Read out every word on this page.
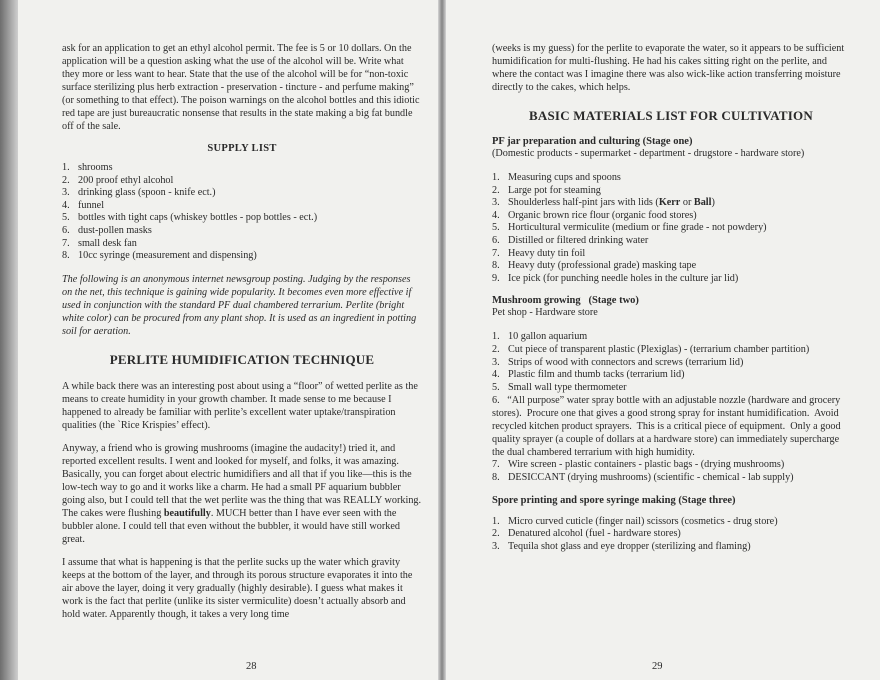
ask for an application to get an ethyl alcohol permit. The fee is 5 or 10 dollars. On the application will be a question asking what the use of the alcohol will be. Write what they more or less want to hear. State that the use of the alcohol will be for “non-toxic surface sterilizing plus herb extraction - preservation - tincture - and perfume making” (or something to that effect). The poison warnings on the alcohol bottles and this idiotic red tape are just bureaucratic nonsense that results in the state making a big fat bundle off of the sale.

SUPPLY LIST
1. shrooms
2. 200 proof ethyl alcohol
3. drinking glass (spoon - knife ect.)
4. funnel
5. bottles with tight caps (whiskey bottles - pop bottles - ect.)
6. dust-pollen masks
7. small desk fan
8. 10cc syringe (measurement and dispensing)

The following is an anonymous internet newsgroup posting. Judging by the responses on the net, this technique is gaining wide popularity. It becomes even more effective if used in conjunction with the standard PF dual chambered terrarium. Perlite (bright white color) can be procured from any plant shop. It is used as an ingredient in potting soil for aeration.

PERLITE HUMIDIFICATION TECHNIQUE

A while back there was an interesting post about using a “floor” of wetted perlite as the means to create humidity in your growth chamber. It made sense to me because I happened to already be familiar with perlite’s excellent water uptake/transpiration qualities (the `Rice Krispies’ effect).

Anyway, a friend who is growing mushrooms (imagine the audacity!) tried it, and reported excellent results. I went and looked for myself, and folks, it was amazing. Basically, you can forget about electric humidifiers and all that if you like—this is the low-tech way to go and it works like a charm. He had a small PF aquarium bubbler going also, but I could tell that the wet perlite was the thing that was REALLY working. The cakes were flushing beautifully. MUCH better than I have ever seen with the bubbler alone. I could tell that even without the bubbler, it would have still worked great.

I assume that what is happening is that the perlite sucks up the water which gravity keeps at the bottom of the layer, and through its porous structure evaporates it into the air above the layer, doing it very gradually (highly desirable). I guess what makes it work is the fact that perlite (unlike its sister vermiculite) doesn’t actually absorb and hold water. Apparently though, it takes a very long time

28

(weeks is my guess) for the perlite to evaporate the water, so it appears to be sufficient humidification for multi-flushing. He had his cakes sitting right on the perlite, and where the contact was I imagine there was also wick-like action transferring moisture directly to the cakes, which helps.

BASIC MATERIALS LIST FOR CULTIVATION
PF jar preparation and culturing (Stage one)
(Domestic products - supermarket - department - drugstore - hardware store)
1. Measuring cups and spoons
2. Large pot for steaming
3. Shoulderless half-pint jars with lids (Kerr or Ball)
4. Organic brown rice flour (organic food stores)
5. Horticultural vermiculite (medium or fine grade - not powdery)
6. Distilled or filtered drinking water
7. Heavy duty tin foil
8. Heavy duty (professional grade) masking tape
9. Ice pick (for punching needle holes in the culture jar lid)
Mushroom growing   (Stage two)
Pet shop - Hardware store
1. 10 gallon aquarium
2. Cut piece of transparent plastic (Plexiglas) - (terrarium chamber partition)
3. Strips of wood with connectors and screws (terrarium lid)
4. Plastic film and thumb tacks (terrarium lid)
5. Small wall type thermometer

6.   “All purpose” water spray bottle with an adjustable nozzle (hardware and grocery stores).  Procure one that gives a good strong spray for instant humidification.  Avoid recycled kitchen product sprayers.  This is a critical piece of equipment.  Only a good quality sprayer (a couple of dollars at a hardware store) can immediately supercharge the dual chambered terrarium with high humidity.

7. Wire screen - plastic containers - plastic bags - (drying mushrooms)
8. DESICCANT (drying mushrooms) (scientific - chemical - lab supply)
Spore printing and spore syringe making (Stage three)
1. Micro curved cuticle (finger nail) scissors (cosmetics - drug store)
2. Denatured alcohol (fuel - hardware stores)
3. Tequila shot glass and eye dropper (sterilizing and flaming)
29
